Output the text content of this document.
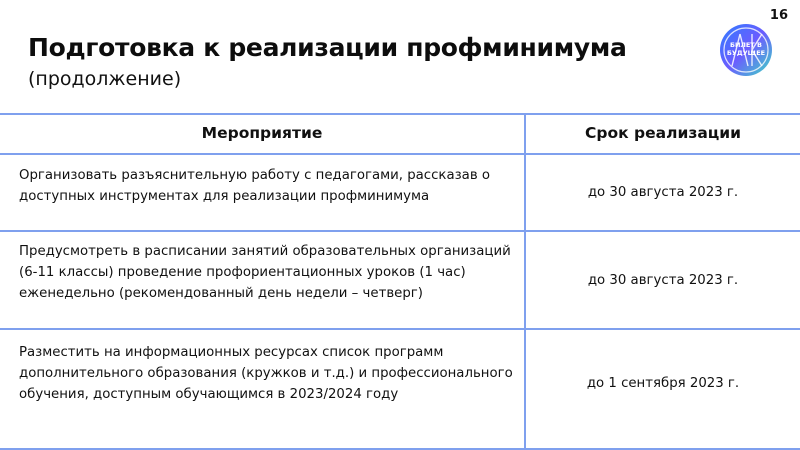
16
Подготовка к реализации профминимума
(продолжение)
БИЛЕТ В
БУДУЩЕЕ
Мероприятие	Срок реализации
Организовать разъяснительную работу с педагогами, рассказав о доступных инструментах для реализации профминимума	до 30 августа 2023 г.
Предусмотреть в расписании занятий образовательных организаций (6-11 классы) проведение профориентационных уроков (1 час) еженедельно (рекомендованный день недели – четверг)
до 30 августа 2023 г.
Разместить на информационных ресурсах список программ дополнительного образования (кружков и т.д.) и профессионального обучения, доступным обучающимся в 2023/2024 году
до 1 сентября 2023 г.
